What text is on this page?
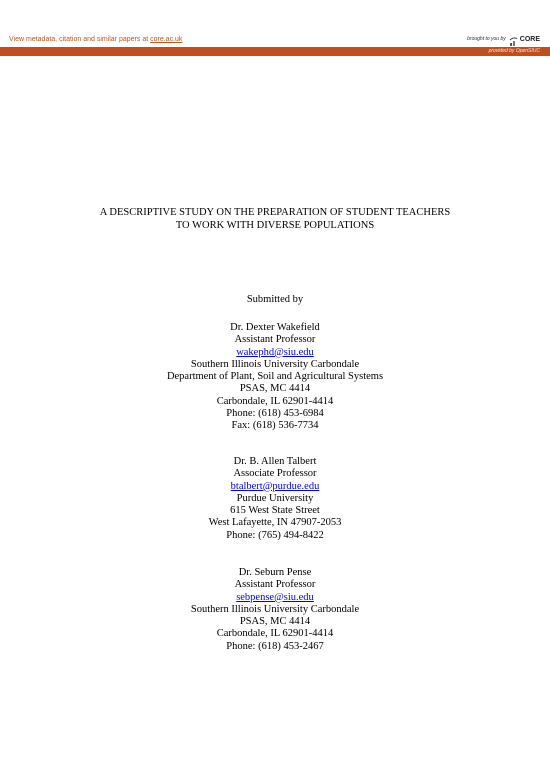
View metadata, citation and similar papers at core.ac.uk	brought to you by CORE
provided by OpenSIUC
A DESCRIPTIVE STUDY ON THE PREPARATION OF STUDENT TEACHERS
TO WORK WITH DIVERSE POPULATIONS
Submitted by
Dr. Dexter Wakefield
Assistant Professor
wakephd@siu.edu
Southern Illinois University Carbondale
Department of Plant, Soil and Agricultural Systems
PSAS, MC 4414
Carbondale, IL 62901-4414
Phone: (618) 453-6984
Fax: (618) 536-7734
Dr. B. Allen Talbert
Associate Professor
btalbert@purdue.edu
Purdue University
615 West State Street
West Lafayette, IN 47907-2053
Phone: (765) 494-8422
Dr. Seburn Pense
Assistant Professor
sebpense@siu.edu
Southern Illinois University Carbondale
PSAS, MC 4414
Carbondale, IL 62901-4414
Phone: (618) 453-2467
